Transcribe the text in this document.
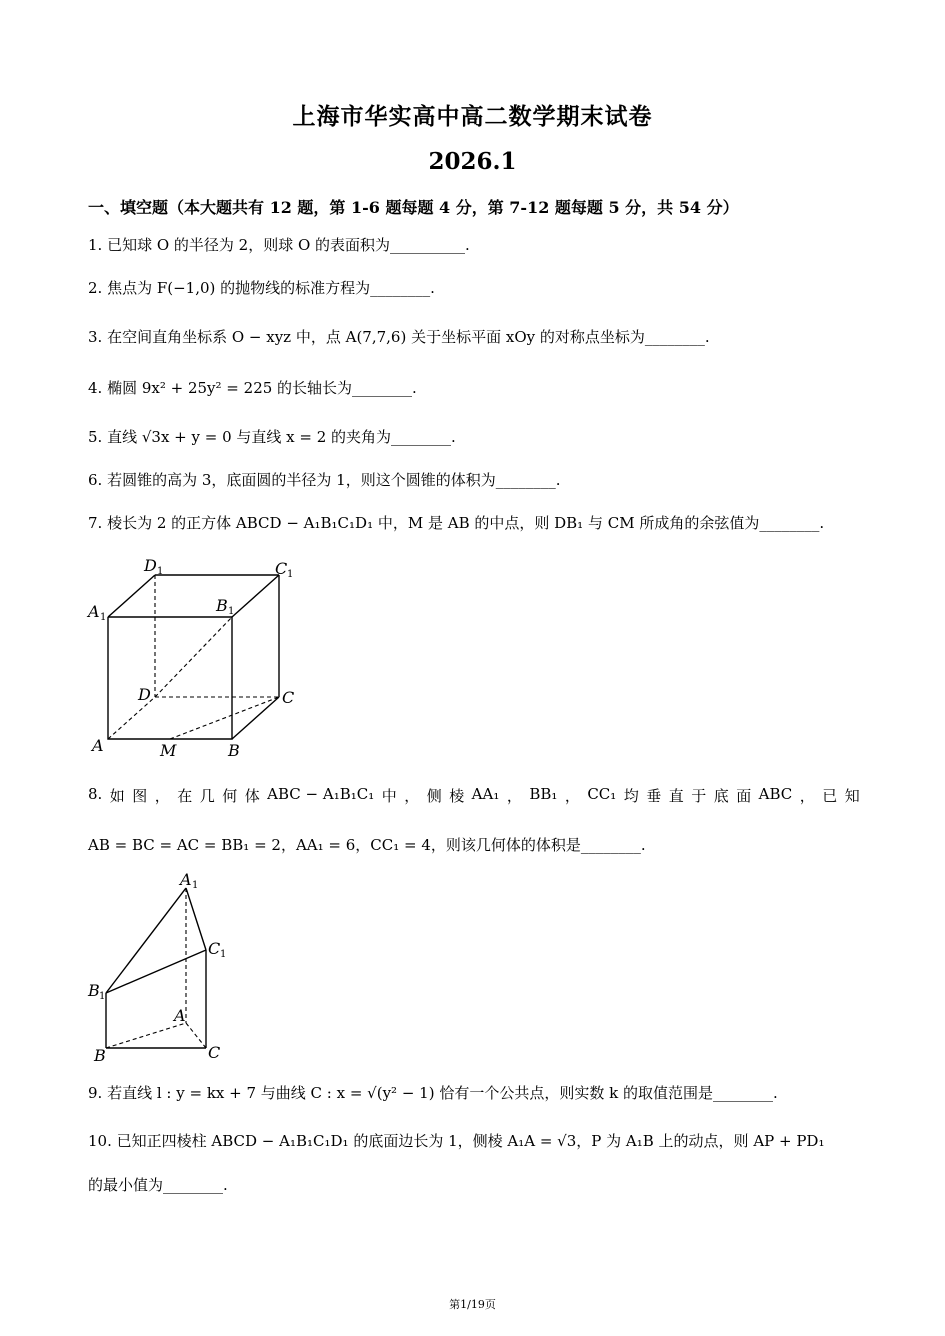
上海市华实高中高二数学期末试卷
2026.1
一、填空题（本大题共有 12 题，第 1-6 题每题 4 分，第 7-12 题每题 5 分，共 54 分）
1. 已知球 O 的半径为 2，则球 O 的表面积为__________.
2. 焦点为 F(−1,0) 的抛物线的标准方程为________.
3. 在空间直角坐标系 O − xyz 中，点 A(7,7,6) 关于坐标平面 xOy 的对称点坐标为________.
4. 椭圆 9x² + 25y² = 225 的长轴长为________.
5. 直线 √3x + y = 0 与直线 x = 2 的夹角为________.
6. 若圆锥的高为 3，底面圆的半径为 1，则这个圆锥的体积为________.
7. 棱长为 2 的正方体 ABCD − A₁B₁C₁D₁ 中，M 是 AB 的中点，则 DB₁ 与 CM 所成角的余弦值为________.
D 1	C 1
A 1
B 1
D	C
A	M	B
8. 如 图 ， 在 几 何 体 ABC − A₁B₁C₁ 中 ， 侧 棱 AA₁ ， BB₁ ， CC₁ 均 垂 直 于 底 面 ABC ， 已 知
AB = BC = AC = BB₁ = 2，AA₁ = 6，CC₁ = 4，则该几何体的体积是________.
A 1
C 1
B 1
A
B	C
9. 若直线 l : y = kx + 7 与曲线 C : x = √(y² − 1) 恰有一个公共点，则实数 k 的取值范围是________.
10. 已知正四棱柱 ABCD − A₁B₁C₁D₁ 的底面边长为 1，侧棱 A₁A = √3，P 为 A₁B 上的动点，则 AP + PD₁
的最小值为________.
第1/19页
